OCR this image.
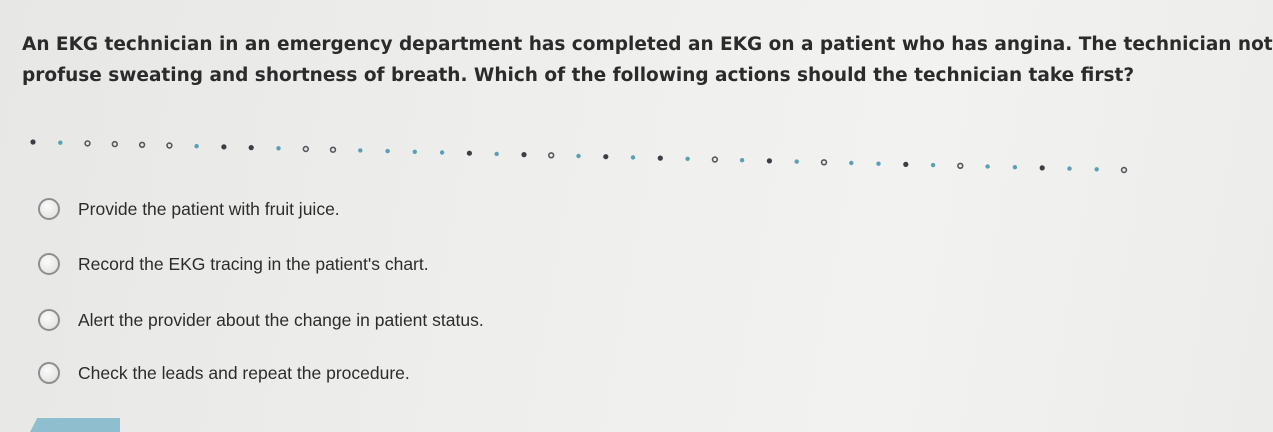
An EKG technician in an emergency department has completed an EKG on a patient who has angina. The technician not
profuse sweating and shortness of breath. Which of the following actions should the technician take first?
Provide the patient with fruit juice.
Record the EKG tracing in the patient's chart.
Alert the provider about the change in patient status.
Check the leads and repeat the procedure.
